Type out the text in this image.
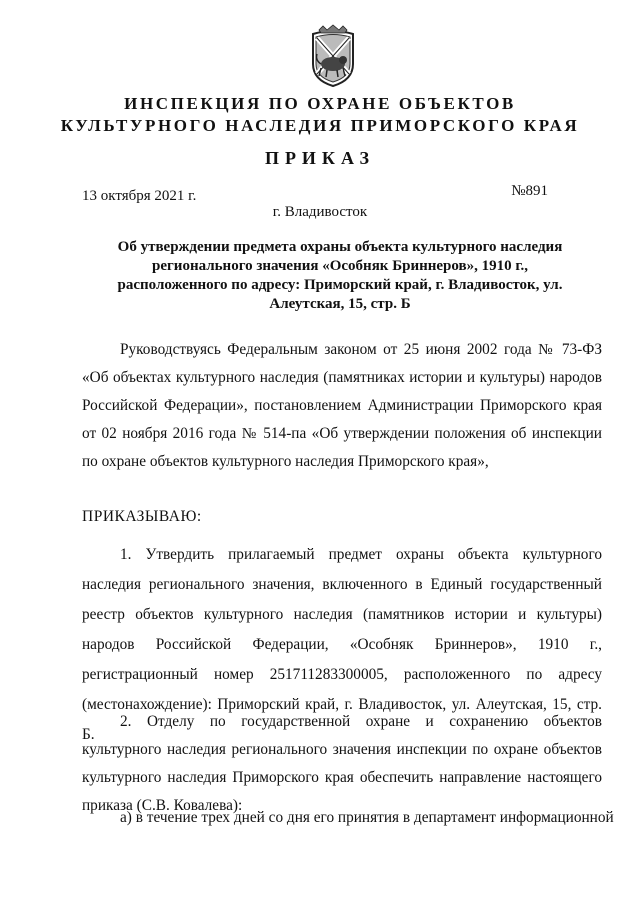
ИНСПЕКЦИЯ ПО ОХРАНЕ ОБЪЕКТОВ
КУЛЬТУРНОГО НАСЛЕДИЯ ПРИМОРСКОГО КРАЯ
ПРИКАЗ
13 октября 2021 г.	№891
г. Владивосток
Об утверждении предмета охраны объекта культурного наследия регионального значения «Особняк Бриннеров», 1910 г., расположенного по адресу: Приморский край, г. Владивосток, ул. Алеутская, 15, стр. Б
Руководствуясь Федеральным законом от 25 июня 2002 года № 73-ФЗ «Об объектах культурного наследия (памятниках истории и культуры) народов Российской Федерации», постановлением Администрации Приморского края от 02 ноября 2016 года № 514-па «Об утверждении положения об инспекции по охране объектов культурного наследия Приморского края»,
ПРИКАЗЫВАЮ:
1. Утвердить прилагаемый предмет охраны объекта культурного наследия регионального значения, включенного в Единый государственный реестр объектов культурного наследия (памятников истории и культуры) народов Российской Федерации, «Особняк Бриннеров», 1910 г., регистрационный номер 251711283300005, расположенного по адресу (местонахождение): Приморский край, г. Владивосток, ул. Алеутская, 15, стр. Б.
2. Отделу по государственной охране и сохранению объектов культурного наследия регионального значения инспекции по охране объектов культурного наследия Приморского края обеспечить направление настоящего приказа (С.В. Ковалева):
а) в течение трех дней со дня его принятия в департамент информационной
